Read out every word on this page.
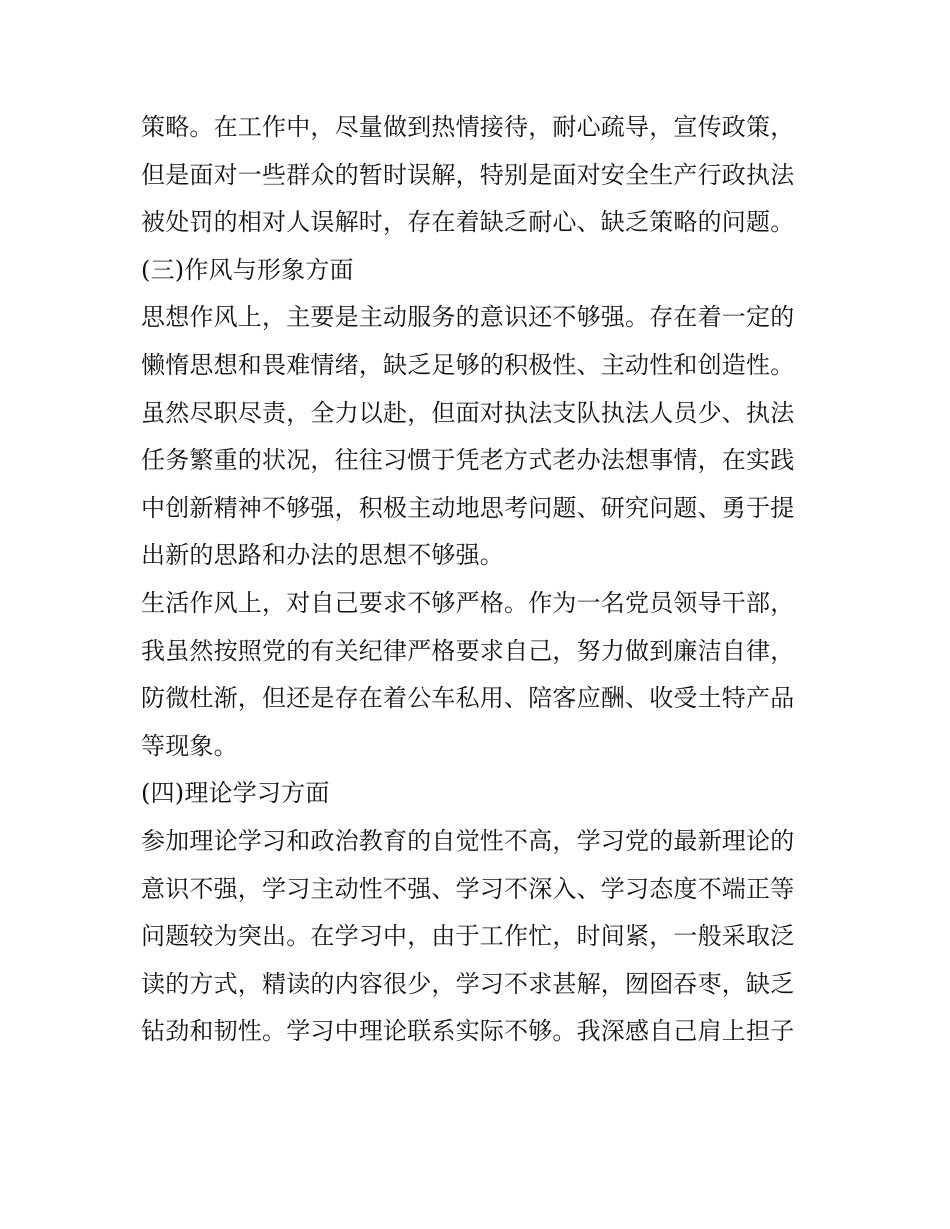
策略。在工作中，尽量做到热情接待，耐心疏导，宣传政策，
但是面对一些群众的暂时误解，特别是面对安全生产行政执法
被处罚的相对人误解时，存在着缺乏耐心、缺乏策略的问题。
(三)作风与形象方面
思想作风上，主要是主动服务的意识还不够强。存在着一定的
懒惰思想和畏难情绪，缺乏足够的积极性、主动性和创造性。
虽然尽职尽责，全力以赴，但面对执法支队执法人员少、执法
任务繁重的状况，往往习惯于凭老方式老办法想事情，在实践
中创新精神不够强，积极主动地思考问题、研究问题、勇于提
出新的思路和办法的思想不够强。
生活作风上，对自己要求不够严格。作为一名党员领导干部，
我虽然按照党的有关纪律严格要求自己，努力做到廉洁自律，
防微杜渐，但还是存在着公车私用、陪客应酬、收受土特产品
等现象。
(四)理论学习方面
参加理论学习和政治教育的自觉性不高，学习党的最新理论的
意识不强，学习主动性不强、学习不深入、学习态度不端正等
问题较为突出。在学习中，由于工作忙，时间紧，一般采取泛
读的方式，精读的内容很少，学习不求甚解，囫囵吞枣，缺乏
钻劲和韧性。学习中理论联系实际不够。我深感自己肩上担子
